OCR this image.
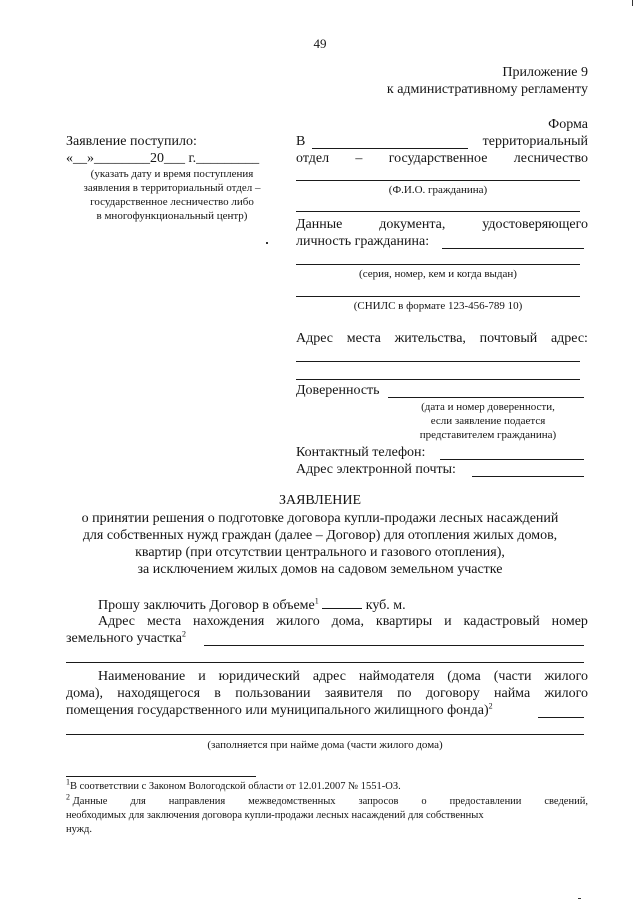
49
Приложение 9
к административному регламенту
Форма
Заявление поступило:
«__»________20___ г._________
(указать дату и время поступления
заявления в территориальный отдел –
государственное лесничество либо
в многофункциональный центр)
В	территориальный
отдел – государственное лесничество
(Ф.И.О. гражданина)
Данные	документа,	удостоверяющего
личность гражданина:
(серия, номер, кем и когда выдан)
(СНИЛС в формате 123-456-789 10)
Адрес места жительства, почтовый адрес:
Доверенность
(дата и номер доверенности,
если заявление подается
представителем гражданина)
Контактный телефон:
Адрес электронной почты:
ЗАЯВЛЕНИЕ
о принятии решения о подготовке договора купли-продажи лесных насаждений
для собственных нужд граждан (далее – Договор) для отопления жилых домов,
квартир (при отсутствии центрального и газового отопления),
за исключением жилых домов на садовом земельном участке
Прошу заключить Договор в объеме$^1$	куб. м.
Адрес места нахождения жилого дома, квартиры и кадастровый номер
земельного участка$^2$
Наименование и юридический адрес наймодателя (дома (части жилого
дома), находящегося в пользовании заявителя по договору найма жилого
помещения государственного или муниципального жилищного фонда)$^2$
(заполняется при найме дома (части жилого дома)
$^1$В соответствии с Законом Вологодской области от 12.01.2007 № 1551-ОЗ.
$^2$ Данные для направления межведомственных запросов о предоставлении сведений,
необходимых для заключения договора купли-продажи лесных насаждений для собственных
нужд.
